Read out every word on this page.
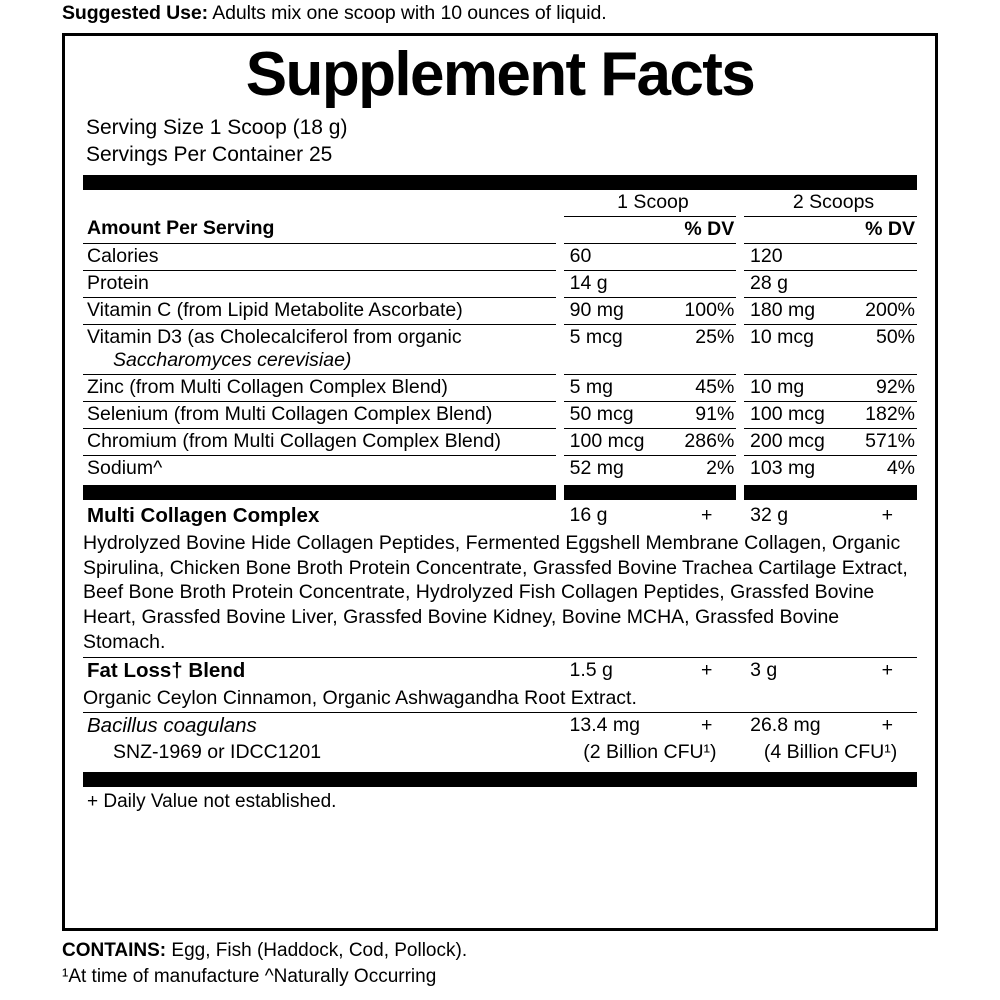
Suggested Use: Adults mix one scoop with 10 ounces of liquid.
Supplement Facts
Serving Size 1 Scoop (18 g)
Servings Per Container 25
		1 Scoop		2 Scoops
Amount Per Serving		% DV		% DV

Calories		60		120

Protein		14 g		28 g

Vitamin C (from Lipid Metabolite Ascorbate)		90 mg 100%		180 mg 200%

Vitamin D3 (as Cholecalciferol from organic
Saccharomyces cerevisiae)
		5 mcg	25%		10 mcg	50%

Zinc (from Multi Collagen Complex Blend)		5 mg 45%		10 mg 92%

Selenium (from Multi Collagen Complex Blend)		50 mcg 91%		100 mcg 182%

Chromium (from Multi Collagen Complex Blend)		100 mcg 286%		200 mcg 571%

Sodium^		52 mg 2%		103 mg 4%
Multi Collagen Complex		16 g +		32 g +

Hydrolyzed Bovine Hide Collagen Peptides, Fermented Eggshell Membrane Collagen, Organic Spirulina, Chicken Bone Broth Protein Concentrate, Grassfed Bovine Trachea Cartilage Extract, Beef Bone Broth Protein Concentrate, Hydrolyzed Fish Collagen Peptides, Grassfed Bovine Heart, Grassfed Bovine Liver, Grassfed Bovine Kidney, Bovine MCHA, Grassfed Bovine Stomach.				
Fat Loss† Blend		1.5 g +		3 g +

Organic Ceylon Cinnamon, Organic Ashwagandha Root Extract.				
Bacillus coagulans		13.4 mg +		26.8 mg +

SNZ-1969 or IDCC1201		(2 Billion CFU¹)		(4 Billion CFU¹)
+ Daily Value not established.
CONTAINS: Egg, Fish (Haddock, Cod, Pollock).
¹At time of manufacture ^Naturally Occurring
